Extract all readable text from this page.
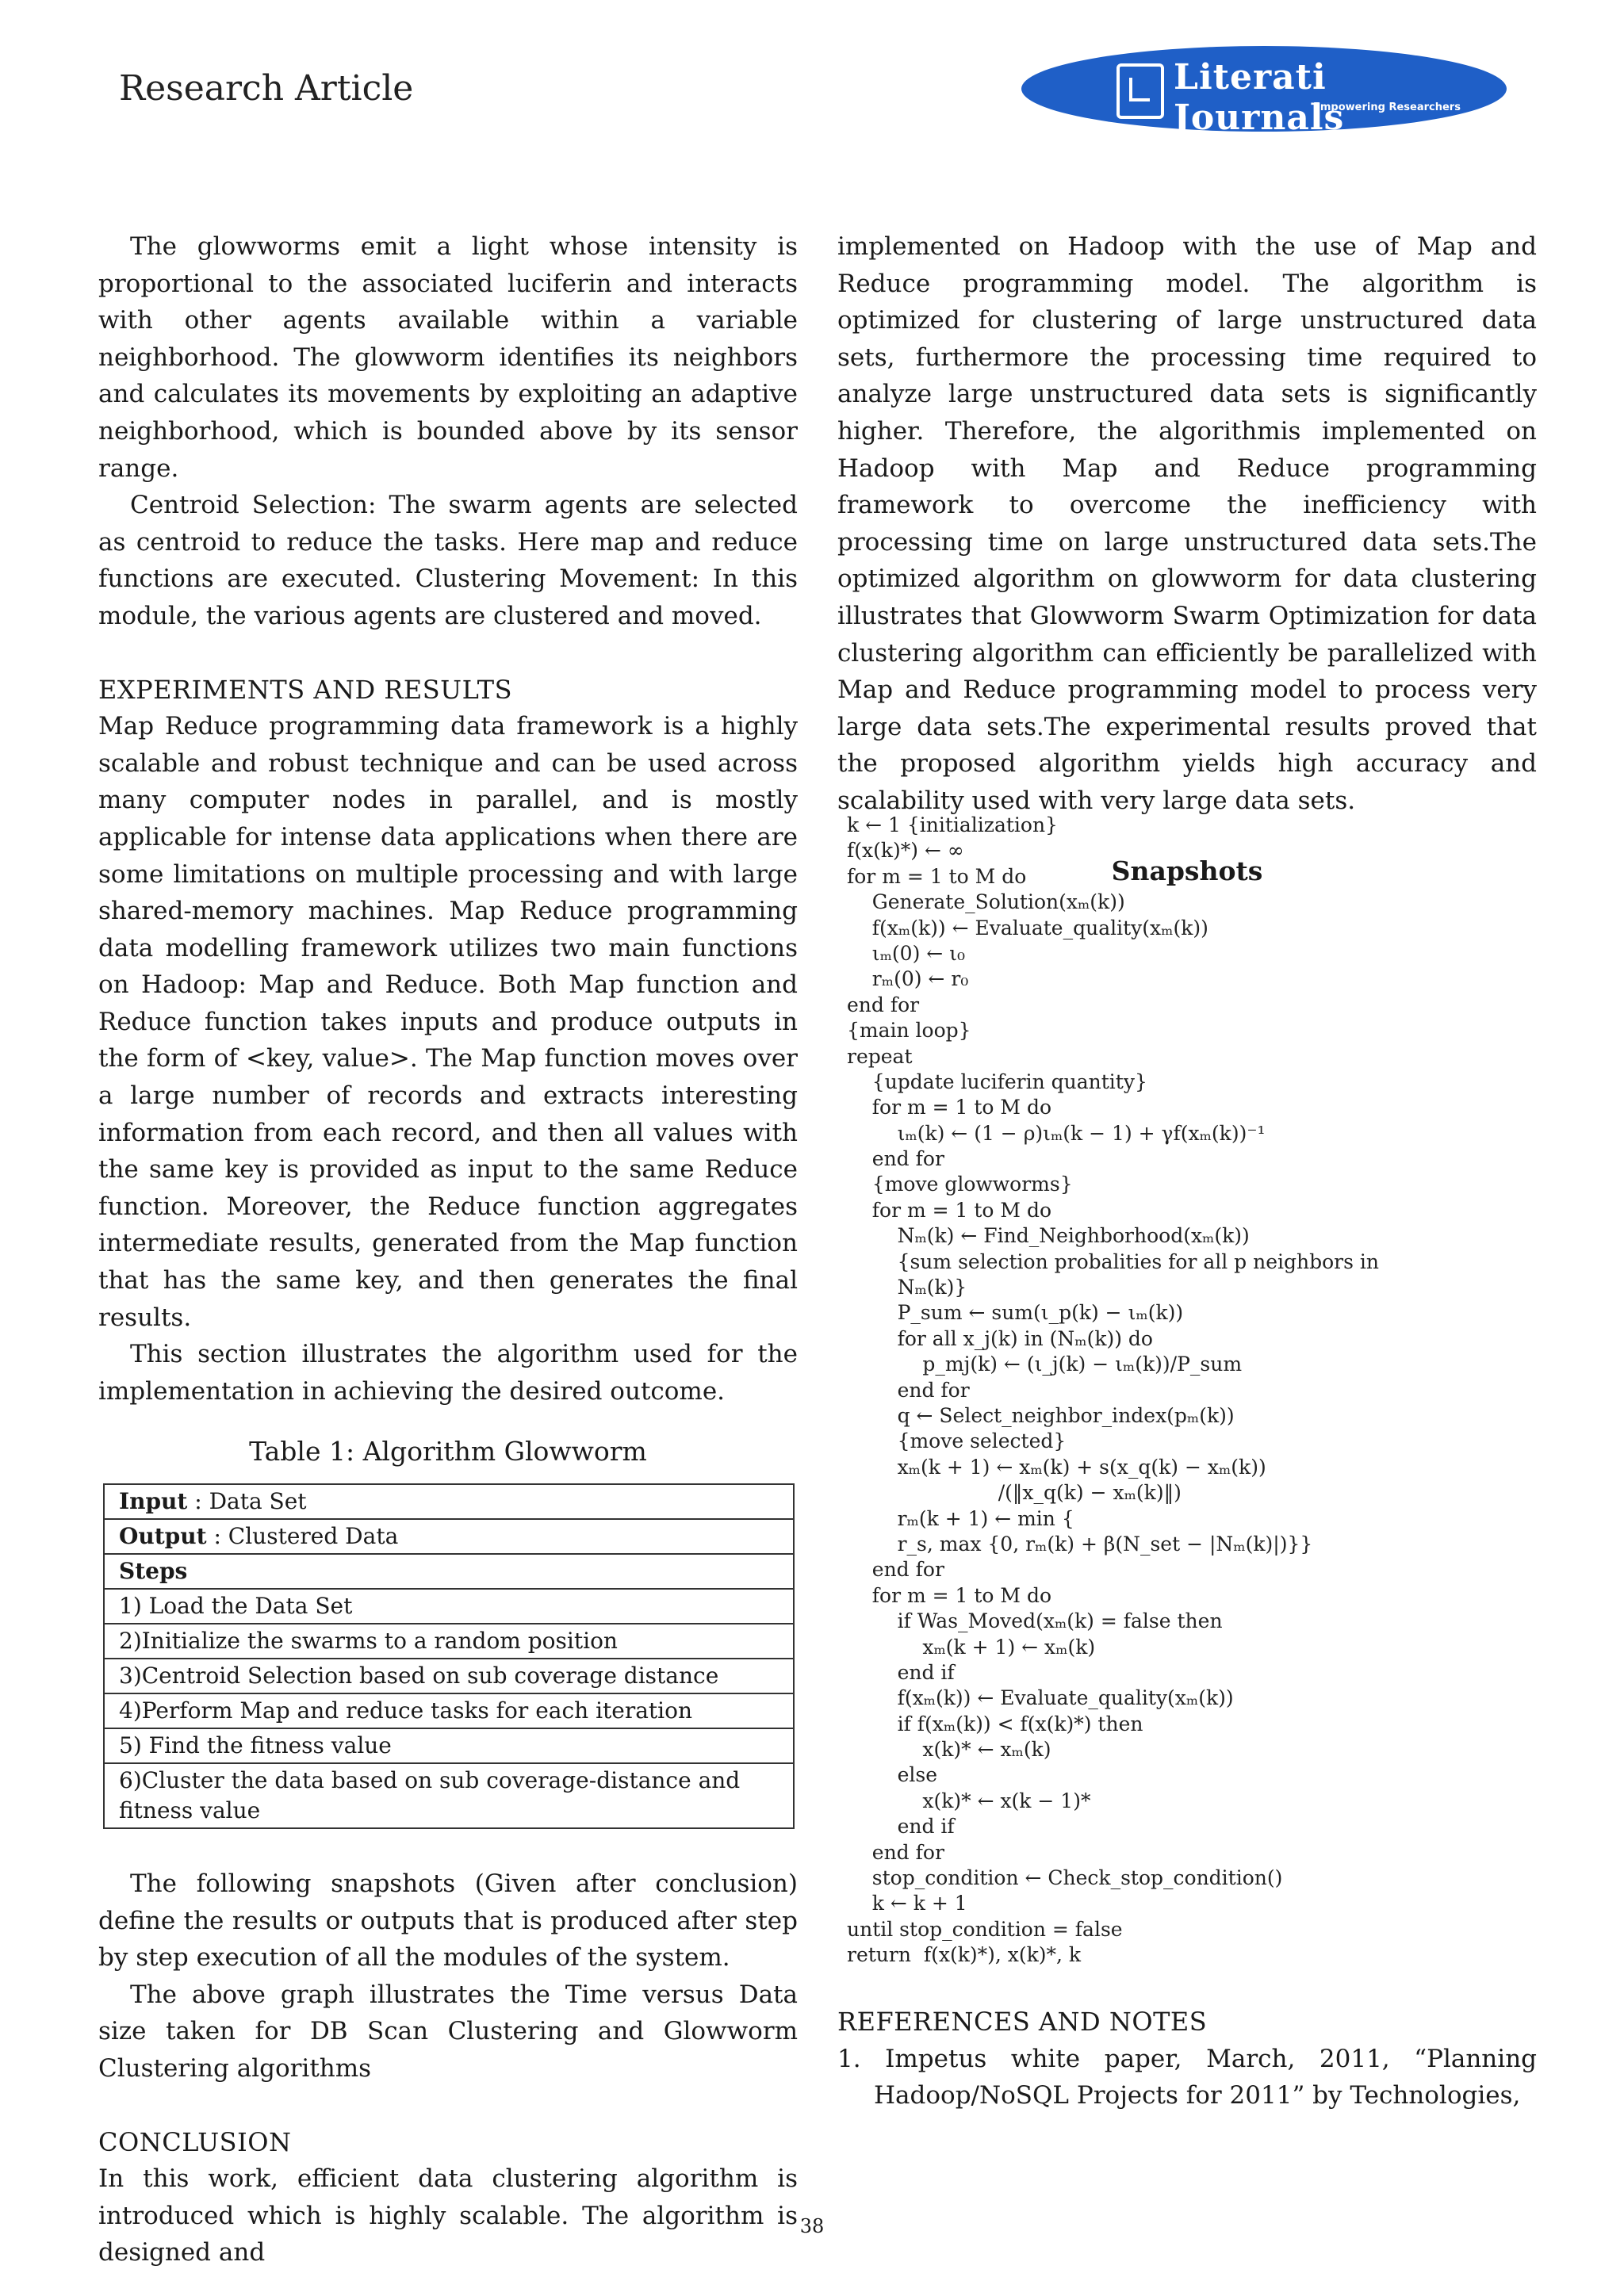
Research Article	Literati Journals
Empowering Researchers

The glowworms emit a light whose intensity is proportional to the associated luciferin and interacts with other agents available within a variable neighborhood. The glowworm identifies its neighbors and calculates its movements by exploiting an adaptive neighborhood, which is bounded above by its sensor range.

Centroid Selection: The swarm agents are selected as centroid to reduce the tasks. Here map and reduce functions are executed. Clustering Movement: In this module, the various agents are clustered and moved.

EXPERIMENTS AND RESULTS

Map Reduce programming data framework is a highly scalable and robust technique and can be used across many computer nodes in parallel, and is mostly applicable for intense data applications when there are some limitations on multiple processing and with large shared-memory machines. Map Reduce programming data modelling framework utilizes two main functions on Hadoop: Map and Reduce. Both Map function and Reduce function takes inputs and produce outputs in the form of <key, value>. The Map function moves over a large number of records and extracts interesting information from each record, and then all values with the same key is provided as input to the same Reduce function. Moreover, the Reduce function aggregates intermediate results, generated from the Map function that has the same key, and then generates the final results.

This section illustrates the algorithm used for the implementation in achieving the desired outcome.

Table 1: Algorithm Glowworm
Input : Data Set
Output : Clustered Data
Steps
1) Load the Data Set
2)Initialize the swarms to a random position
3)Centroid Selection based on sub coverage distance
4)Perform Map and reduce tasks for each iteration
5) Find the fitness value
6)Cluster the data based on sub coverage-distance and fitness value

The following snapshots (Given after conclusion) define the results or outputs that is produced after step by step execution of all the modules of the system.

The above graph illustrates the Time versus Data size taken for DB Scan Clustering and Glowworm Clustering algorithms

CONCLUSION

In this work, efficient data clustering algorithm is introduced which is highly scalable. The algorithm is designed and

implemented on Hadoop with the use of Map and Reduce programming model. The algorithm is optimized for clustering of large unstructured data sets, furthermore the processing time required to analyze large unstructured data sets is significantly higher. Therefore, the algorithmis implemented on Hadoop with Map and Reduce programming framework to overcome the inefficiency with processing time on large unstructured data sets.The optimized algorithm on glowworm for data clustering illustrates that Glowworm Swarm Optimization for data clustering algorithm can efficiently be parallelized with Map and Reduce programming model to process very large data sets.The experimental results proved that the proposed algorithm yields high accuracy and scalability used with very large data sets.

Snapshots
k ← 1 {initialization}
f(x(k)*) ← ∞
for m = 1 to M do
Generate_Solution(xₘ(k))
f(xₘ(k)) ← Evaluate_quality(xₘ(k))
ιₘ(0) ← ι₀
rₘ(0) ← r₀
end for
{main loop}
repeat
{update luciferin quantity}
for m = 1 to M do
ιₘ(k) ← (1 − ρ)ιₘ(k − 1) + γf(xₘ(k))⁻¹
end for
{move glowworms}
for m = 1 to M do
Nₘ(k) ← Find_Neighborhood(xₘ(k))
{sum selection probalities for all p neighbors in
Nₘ(k)}
P_sum ← sum(ι_p(k) − ιₘ(k))
for all x_j(k) in (Nₘ(k)) do
p_mj(k) ← (ι_j(k) − ιₘ(k))/P_sum
end for
q ← Select_neighbor_index(pₘ(k))
{move selected}
xₘ(k + 1) ← xₘ(k) + s(x_q(k) − xₘ(k))
/(‖x_q(k) − xₘ(k)‖)
rₘ(k + 1) ← min {
r_s, max {0, rₘ(k) + β(N_set − |Nₘ(k)|)}}
end for
for m = 1 to M do
if Was_Moved(xₘ(k) = false then
xₘ(k + 1) ← xₘ(k)
end if
f(xₘ(k)) ← Evaluate_quality(xₘ(k))
if f(xₘ(k)) < f(x(k)*) then
x(k)* ← xₘ(k)
else
x(k)* ← x(k − 1)*
end if
end for
stop_condition ← Check_stop_condition()
k ← k + 1
until stop_condition = false
return  f(x(k)*), x(k)*, k

REFERENCES AND NOTES

1. Impetus white paper, March, 2011, “Planning Hadoop/NoSQL Projects for 2011” by Technologies,

38
